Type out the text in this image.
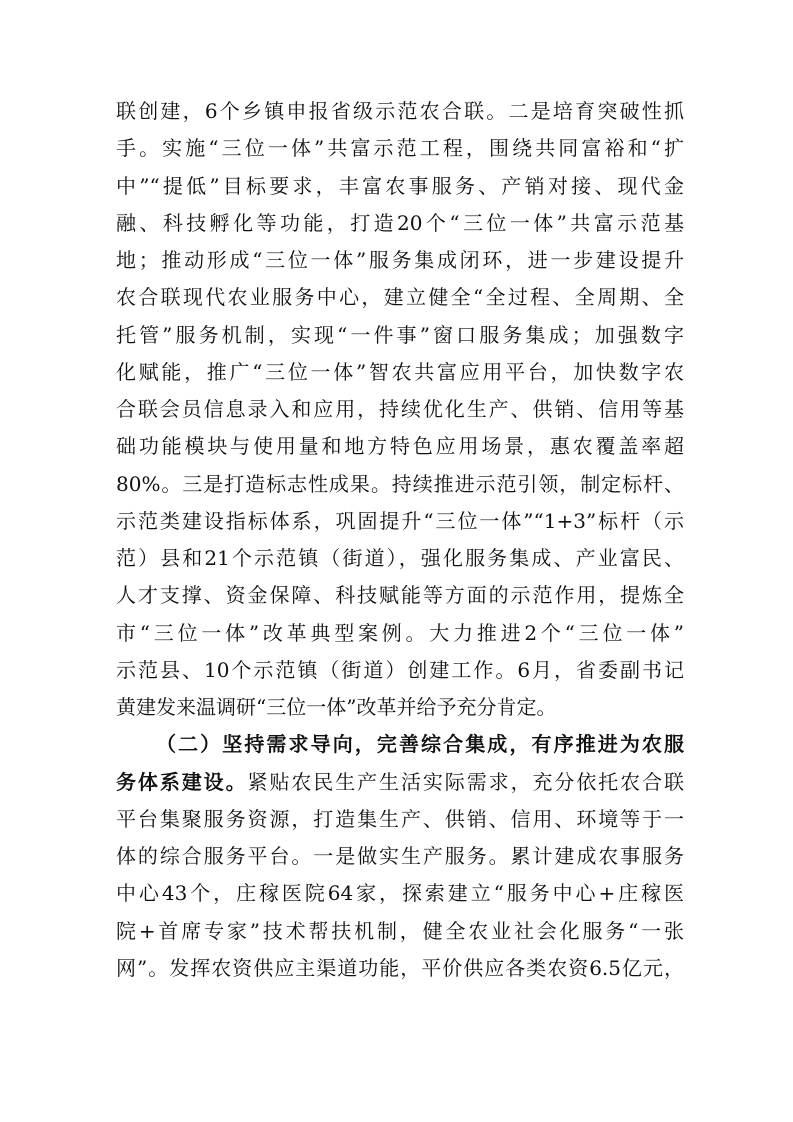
联创建，6个乡镇申报省级示范农合联。二是培育突破性抓
手。实施“三位一体”共富示范工程，围绕共同富裕和“扩
中”“提低”目标要求，丰富农事服务、产销对接、现代金
融、科技孵化等功能，打造20个“三位一体”共富示范基
地；推动形成“三位一体”服务集成闭环，进一步建设提升
农合联现代农业服务中心，建立健全“全过程、全周期、全
托管”服务机制，实现“一件事”窗口服务集成；加强数字
化赋能，推广“三位一体”智农共富应用平台，加快数字农
合联会员信息录入和应用，持续优化生产、供销、信用等基
础功能模块与使用量和地方特色应用场景，惠农覆盖率超
80%。三是打造标志性成果。持续推进示范引领，制定标杆、
示范类建设指标体系，巩固提升“三位一体”“1+3”标杆（示
范）县和21个示范镇（街道），强化服务集成、产业富民、
人才支撑、资金保障、科技赋能等方面的示范作用，提炼全
市“三位一体”改革典型案例。大力推进2个“三位一体”
示范县、10个示范镇（街道）创建工作。6月，省委副书记
黄建发来温调研“三位一体”改革并给予充分肯定。
（二）坚持需求导向，完善综合集成，有序推进为农服
务体系建设。紧贴农民生产生活实际需求，充分依托农合联
平台集聚服务资源，打造集生产、供销、信用、环境等于一
体的综合服务平台。一是做实生产服务。累计建成农事服务
中心43个，庄稼医院64家，探索建立“服务中心+庄稼医
院+首席专家”技术帮扶机制，健全农业社会化服务“一张
网”。发挥农资供应主渠道功能，平价供应各类农资6.5亿元，
